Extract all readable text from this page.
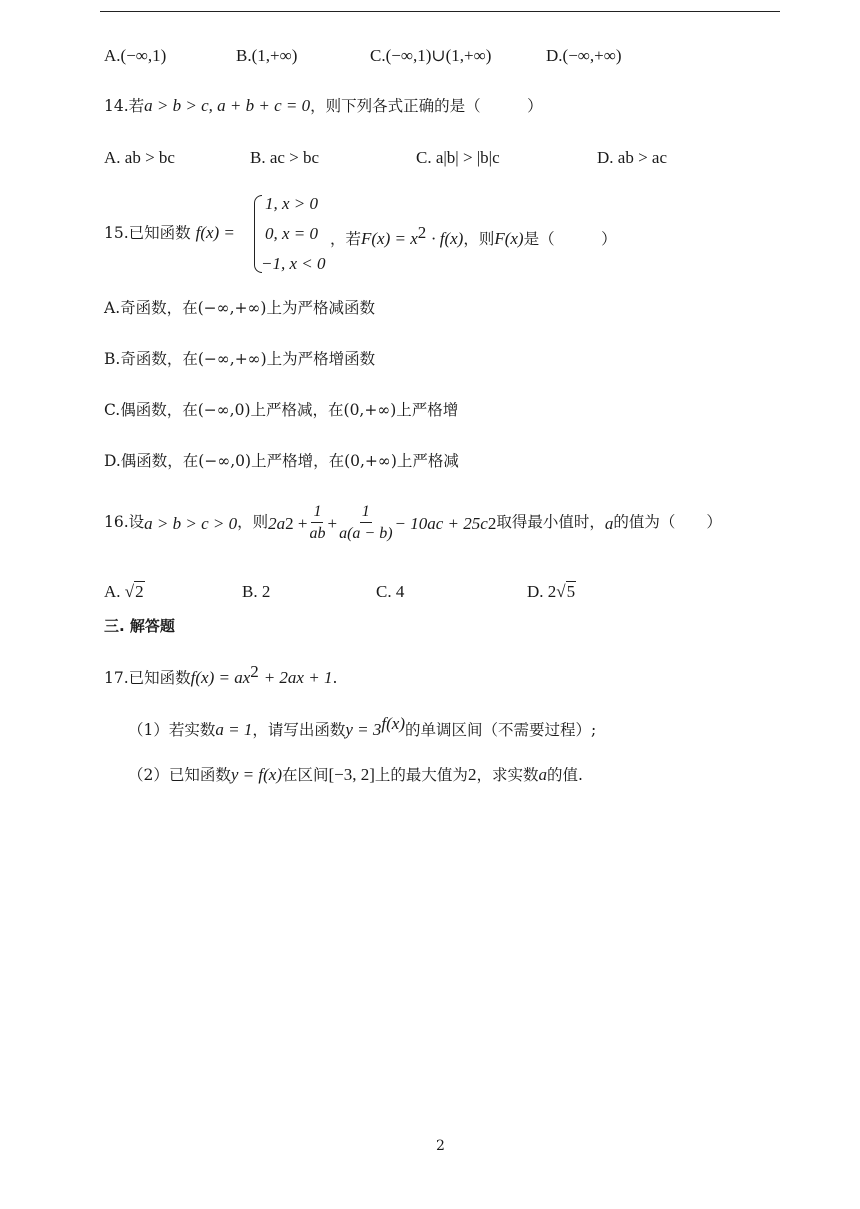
A.(−∞,1)	B.(1,+∞)	C.(−∞,1)∪(1,+∞)	D.(−∞,+∞)
14.若a > b > c, a + b + c = 0，则下列各式正确的是（　　　）
A. ab > bc	B. ac > bc	C. a|b| > |b|c	D. ab > ac
15.已知函数 f(x) =
1, x > 0
0, x = 0
−1, x < 0
，若$F(x) = x^2 \cdot f(x)$，则F(x)是（　　　）
A.奇函数，在(−∞,+∞)上为严格减函数
B.奇函数，在(−∞,+∞)上为严格增函数
C.偶函数，在(−∞,0)上严格减，在(0,+∞)上严格增
D.偶函数，在(−∞,0)上严格增，在(0,+∞)上严格减
16.设 a > b > c > 0 ，则 2a $2 + \frac{1}{ab} + \frac{1}{a(a - b)} - 10ac + 25c$ 2 取得最小值时， a 的值为（　　）
A. √2	B. 2	C. 4	D. 2√5
三. 解答题
17.已知函数$f(x) = ax^2 + 2ax + 1$.
（1）若实数a = 1，请写出函数$y = 3^{f(x)}$的单调区间（不需要过程）;
（2）已知函数y = f(x)在区间[−3, 2]上的最大值为2，求实数a的值.
2
